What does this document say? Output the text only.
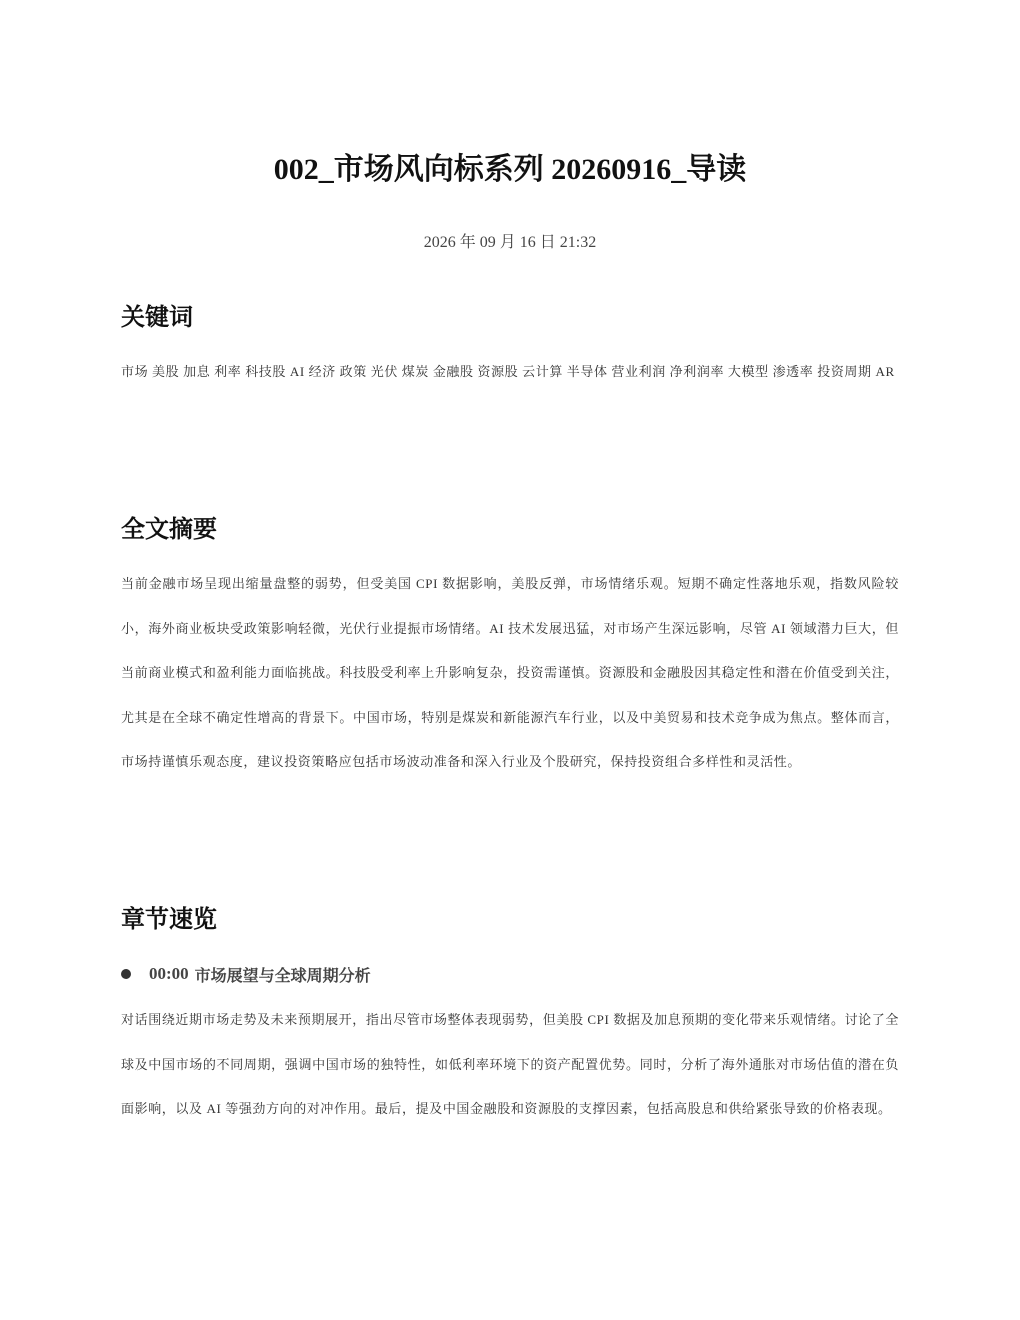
002_市场风向标系列 20260916_导读
2026 年 09 月 16 日 21:32
关键词

市场 美股 加息 利率 科技股 AI 经济 政策 光伏 煤炭 金融股 资源股 云计算 半导体 营业利润 净利润率 大模型 渗透率 投资周期 AR

全文摘要

当前金融市场呈现出缩量盘整的弱势，但受美国 CPI 数据影响，美股反弹，市场情绪乐观。短期不确定性落地乐观，指数风险较小，海外商业板块受政策影响轻微，光伏行业提振市场情绪。AI 技术发展迅猛，对市场产生深远影响，尽管 AI 领域潜力巨大，但当前商业模式和盈利能力面临挑战。科技股受利率上升影响复杂，投资需谨慎。资源股和金融股因其稳定性和潜在价值受到关注，尤其是在全球不确定性增高的背景下。中国市场，特别是煤炭和新能源汽车行业，以及中美贸易和技术竞争成为焦点。整体而言，市场持谨慎乐观态度，建议投资策略应包括市场波动准备和深入行业及个股研究，保持投资组合多样性和灵活性。

章节速览
00:00 市场展望与全球周期分析

对话围绕近期市场走势及未来预期展开，指出尽管市场整体表现弱势，但美股 CPI 数据及加息预期的变化带来乐观情绪。讨论了全球及中国市场的不同周期，强调中国市场的独特性，如低利率环境下的资产配置优势。同时，分析了海外通胀对市场估值的潜在负面影响，以及 AI 等强劲方向的对冲作用。最后，提及中国金融股和资源股的支撑因素，包括高股息和供给紧张导致的价格表现。
